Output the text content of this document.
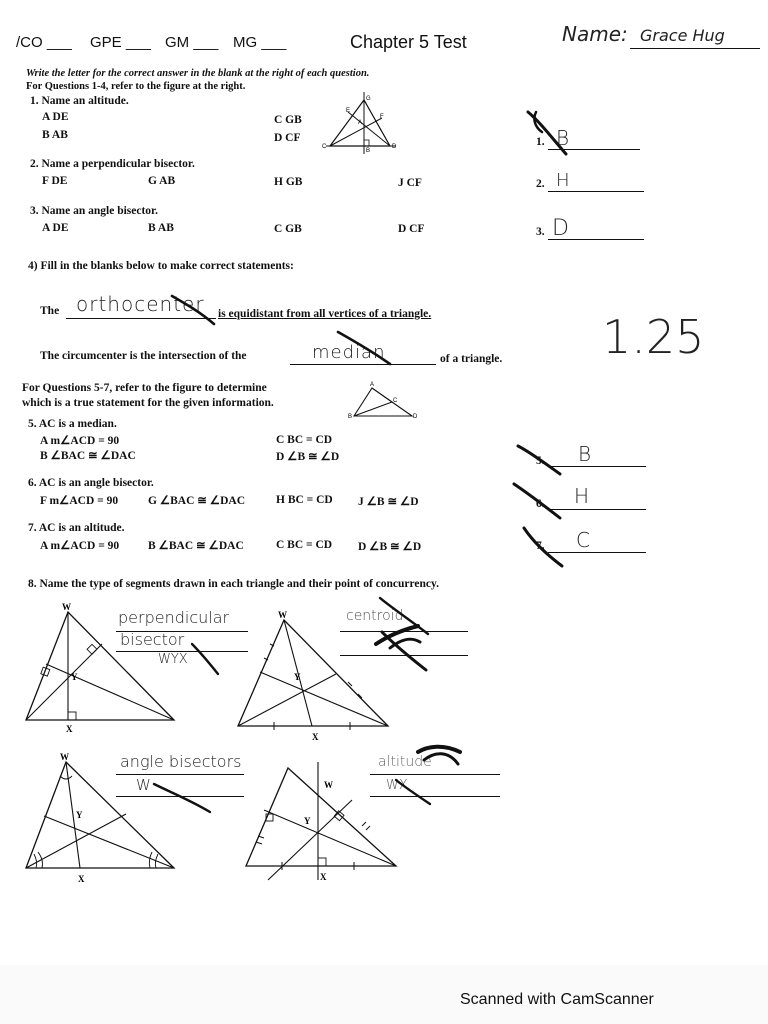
/CO ___ GPE ___ GM ___ MG ___	Chapter 5 Test	Name: Grace Hug
Write the letter for the correct answer in the blank at the right of each question.
For Questions 1-4, refer to the figure at the right.
1. Name an altitude.
A DE
B AB
C GB
D CF	1. B
C	D
G
E
F
A
B
2. Name a perpendicular bisector.
F DE	G AB	H GB	J CF	2. H
3. Name an angle bisector.
A DE	B AB	C GB	D CF	3. D
4) Fill in the blanks below to make correct statements:
The orthocenter is equidistant from all vertices of a triangle.
The circumcenter is the intersection of the	median	of a triangle. 1.25
For Questions 5-7, refer to the figure to determine
which is a true statement for the given information.
A
B
C
D
5. AC is a median.
A m∠ACD = 90
B ∠BAC ≅ ∠DAC
C BC = CD
D ∠B ≅ ∠D	5. B
6. AC is an angle bisector.
F m∠ACD = 90	G ∠BAC ≅ ∠DAC	H BC = CD J ∠B ≅ ∠D	6. H
7. AC is an altitude.
A m∠ACD = 90	B ∠BAC ≅ ∠DAC	C BC = CD D ∠B ≅ ∠D	7. C
8. Name the type of segments drawn in each triangle and their point of concurrency.
W
Y
X
perpendicular
bisector
WYX
W
Y
X
centroid
W
Y
X
angle bisectors
W	W
Y
X
altitude
WX
Scanned with CamScanner
